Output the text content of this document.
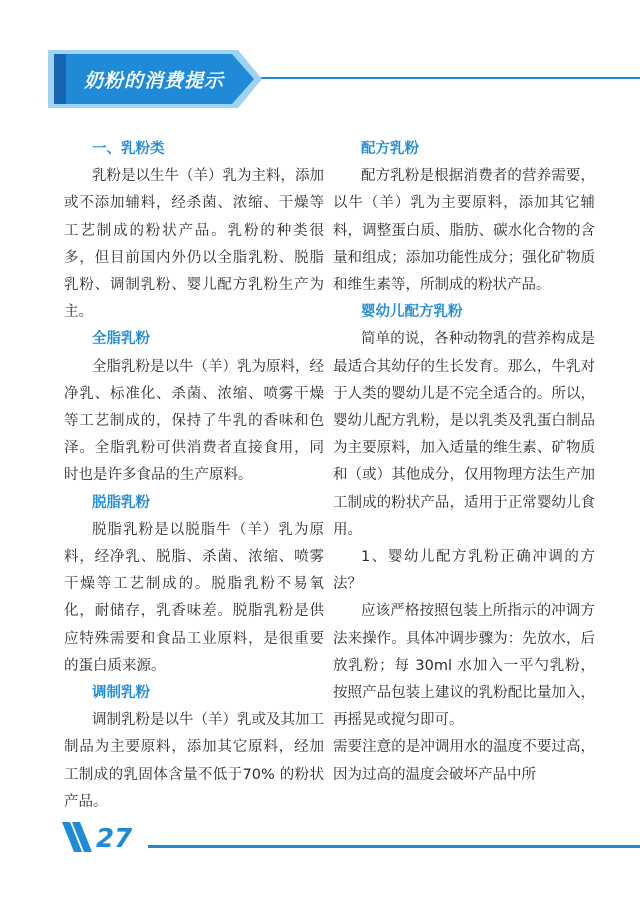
奶粉的消费提示
一、乳粉类

乳粉是以生牛（羊）乳为主料，添加或不添加辅料，经杀菌、浓缩、干燥等工艺制成的粉状产品。乳粉的种类很多，但目前国内外仍以全脂乳粉、脱脂乳粉、调制乳粉、婴儿配方乳粉生产为主。

全脂乳粉

全脂乳粉是以牛（羊）乳为原料，经净乳、标准化、杀菌、浓缩、喷雾干燥等工艺制成的，保持了牛乳的香味和色泽。全脂乳粉可供消费者直接食用，同时也是许多食品的生产原料。

脱脂乳粉

脱脂乳粉是以脱脂牛（羊）乳为原料，经净乳、脱脂、杀菌、浓缩、喷雾干燥等工艺制成的。脱脂乳粉不易氧化，耐储存，乳香味差。脱脂乳粉是供应特殊需要和食品工业原料，是很重要的蛋白质来源。

调制乳粉

调制乳粉是以牛（羊）乳或及其加工制品为主要原料，添加其它原料，经加工制成的乳固体含量不低于70% 的粉状产品。

配方乳粉

配方乳粉是根据消费者的营养需要，以牛（羊）乳为主要原料，添加其它辅料，调整蛋白质、脂肪、碳水化合物的含量和组成；添加功能性成分；强化矿物质和维生素等，所制成的粉状产品。

婴幼儿配方乳粉

简单的说，各种动物乳的营养构成是最适合其幼仔的生长发育。那么，牛乳对于人类的婴幼儿是不完全适合的。所以，婴幼儿配方乳粉，是以乳类及乳蛋白制品为主要原料，加入适量的维生素、矿物质和（或）其他成分，仅用物理方法生产加工制成的粉状产品，适用于正常婴幼儿食用。

1、婴幼儿配方乳粉正确冲调的方法？

应该严格按照包装上所指示的冲调方法来操作。具体冲调步骤为：先放水，后放乳粉；每 30ml 水加入一平勺乳粉，按照产品包装上建议的乳粉配比量加入，再摇晃或搅匀即可。

需要注意的是冲调用水的温度不要过高，因为过高的温度会破坏产品中所

27
